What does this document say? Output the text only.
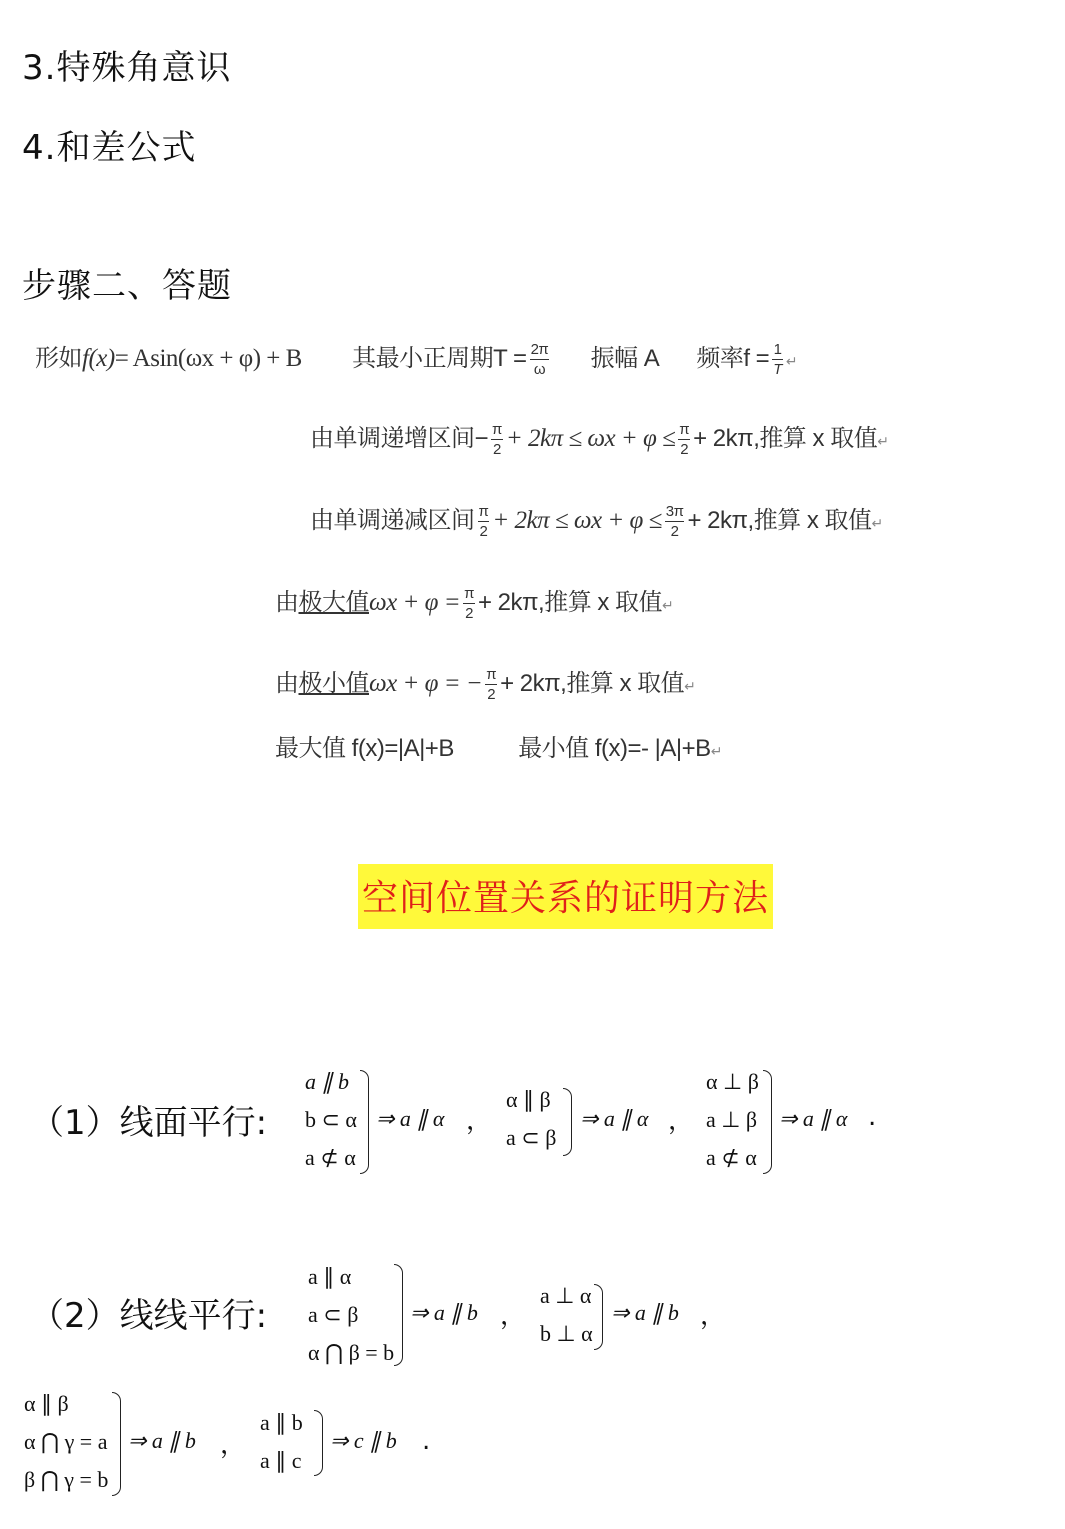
3.特殊角意识
4.和差公式
步骤二、答题
形如f(x)= Asin(ωx + φ) + B 其最小正周期$T = \frac{2\pi}{\omega}$ 振幅 A 频率$f = \frac{1}{T}$ ↵
由单调递增区间− $\frac{\pi}{2} + 2k\pi \le \omega x + \varphi \le \frac{\pi}{2} + 2k\pi$,推算 x 取值↵
由单调递减区间 $\frac{\pi}{2} + 2k\pi \le \omega x + \varphi \le \frac{3\pi}{2} + 2k\pi$,推算 x 取值↵
由极大值$\omega x + \varphi = \frac{\pi}{2} + 2k\pi$,推算 x 取值↵
由极小值ωx + φ = − $\frac{\pi}{2} + 2k\pi$,推算 x 取值↵
最大值 f(x)=|A|+B	最小值 f(x)=- |A|+B↵
空间位置关系的证明方法
（1）线面平行:
a ∥ b
b ⊂ α
a ⊄ α
⇒ a ∥ α ，
α ∥ β
a ⊂ β
⇒ a ∥ α ，
α ⊥ β
a ⊥ β
a ⊄ α
⇒ a ∥ α .
（2）线线平行:
a ∥ α
a ⊂ β
α ⋂ β = b
⇒ a ∥ b ，
a ⊥ α
b ⊥ α
⇒ a ∥ b ，
α ∥ β
α ⋂ γ = a
β ⋂ γ = b
⇒ a ∥ b ，
a ∥ b
a ∥ c
⇒ c ∥ b .
